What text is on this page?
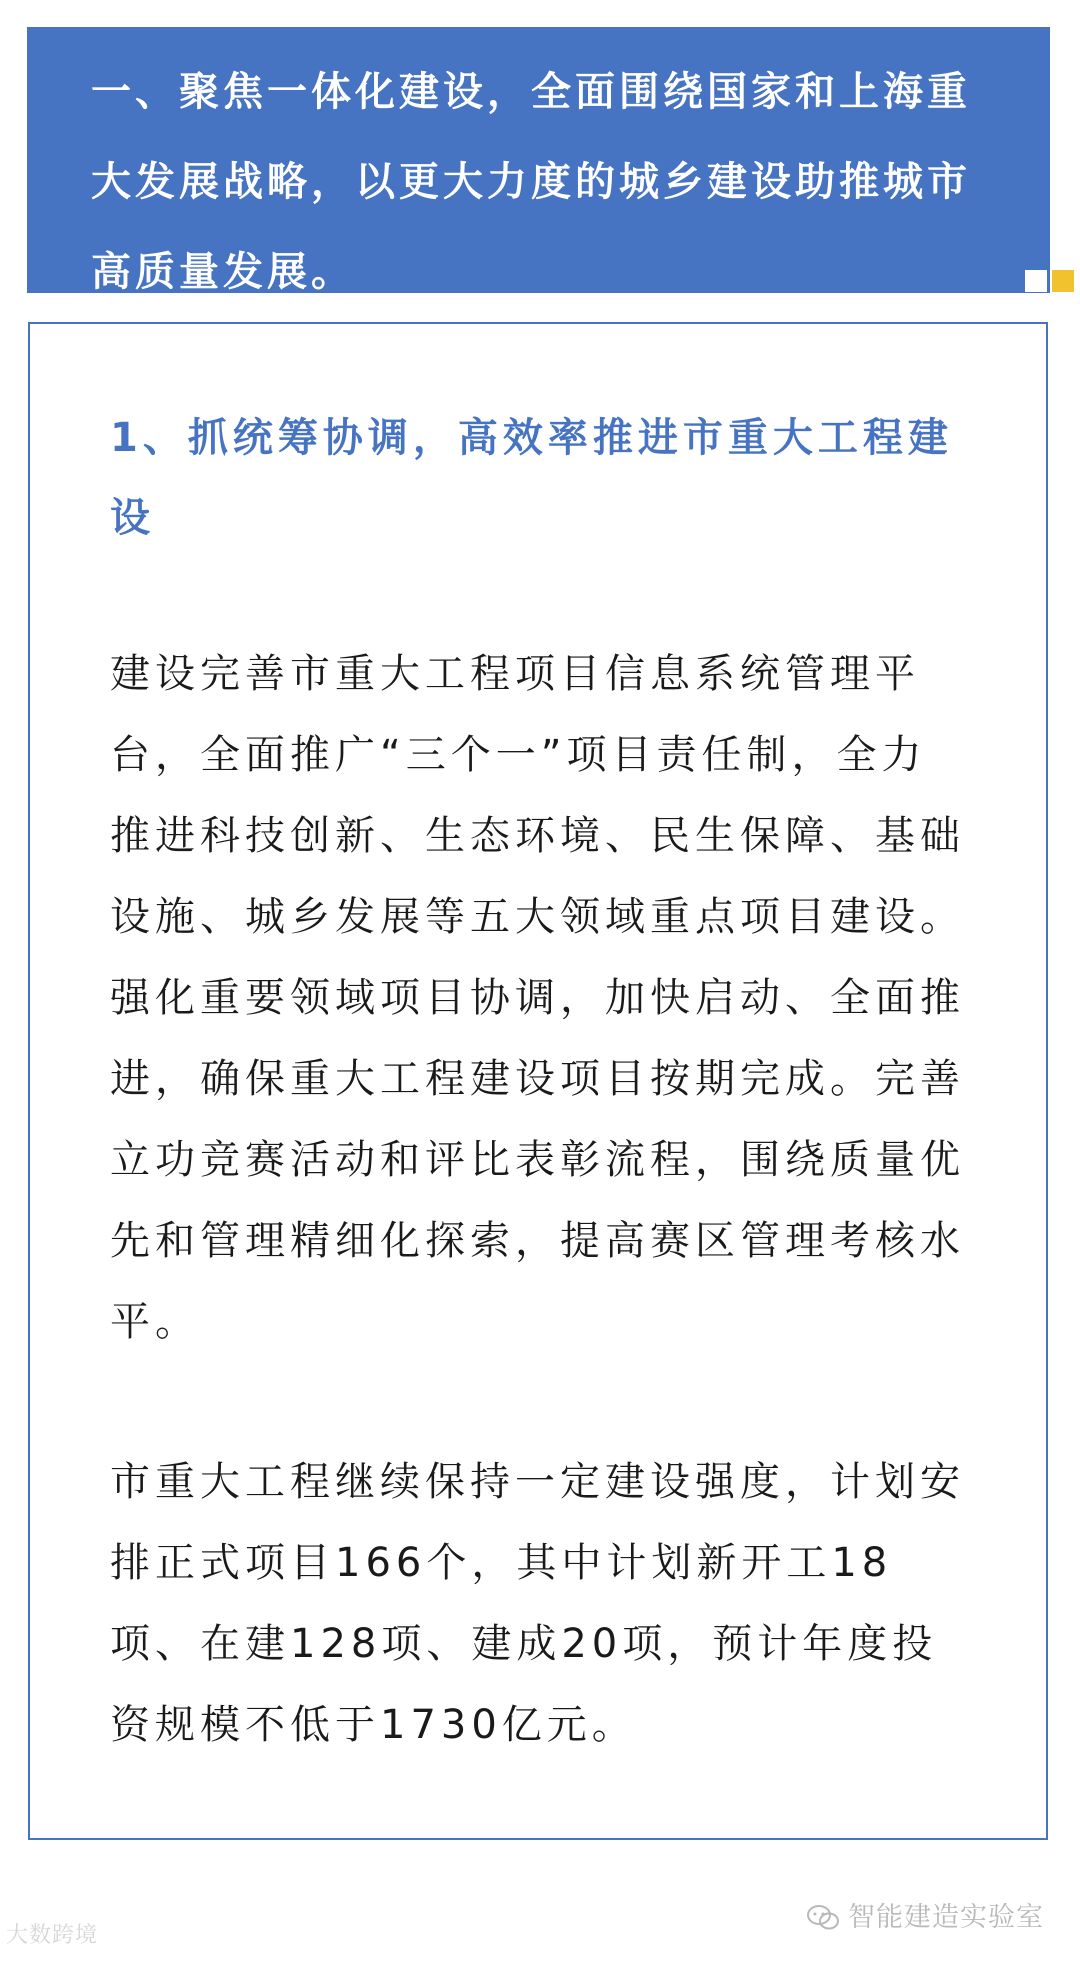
一、聚焦一体化建设，全面围绕国家和上海重大发展战略，以更大力度的城乡建设助推城市高质量发展。

1、抓统筹协调，高效率推进市重大工程建设

建设完善市重大工程项目信息系统管理平台，全面推广“三个一”项目责任制，全力推进科技创新、生态环境、民生保障、基础设施、城乡发展等五大领域重点项目建设。强化重要领域项目协调，加快启动、全面推进，确保重大工程建设项目按期完成。完善立功竞赛活动和评比表彰流程，围绕质量优先和管理精细化探索，提高赛区管理考核水平。

市重大工程继续保持一定建设强度，计划安排正式项目166个，其中计划新开工18项、在建128项、建成20项，预计年度投资规模不低于1730亿元。

大数跨境
智能建造实验室
